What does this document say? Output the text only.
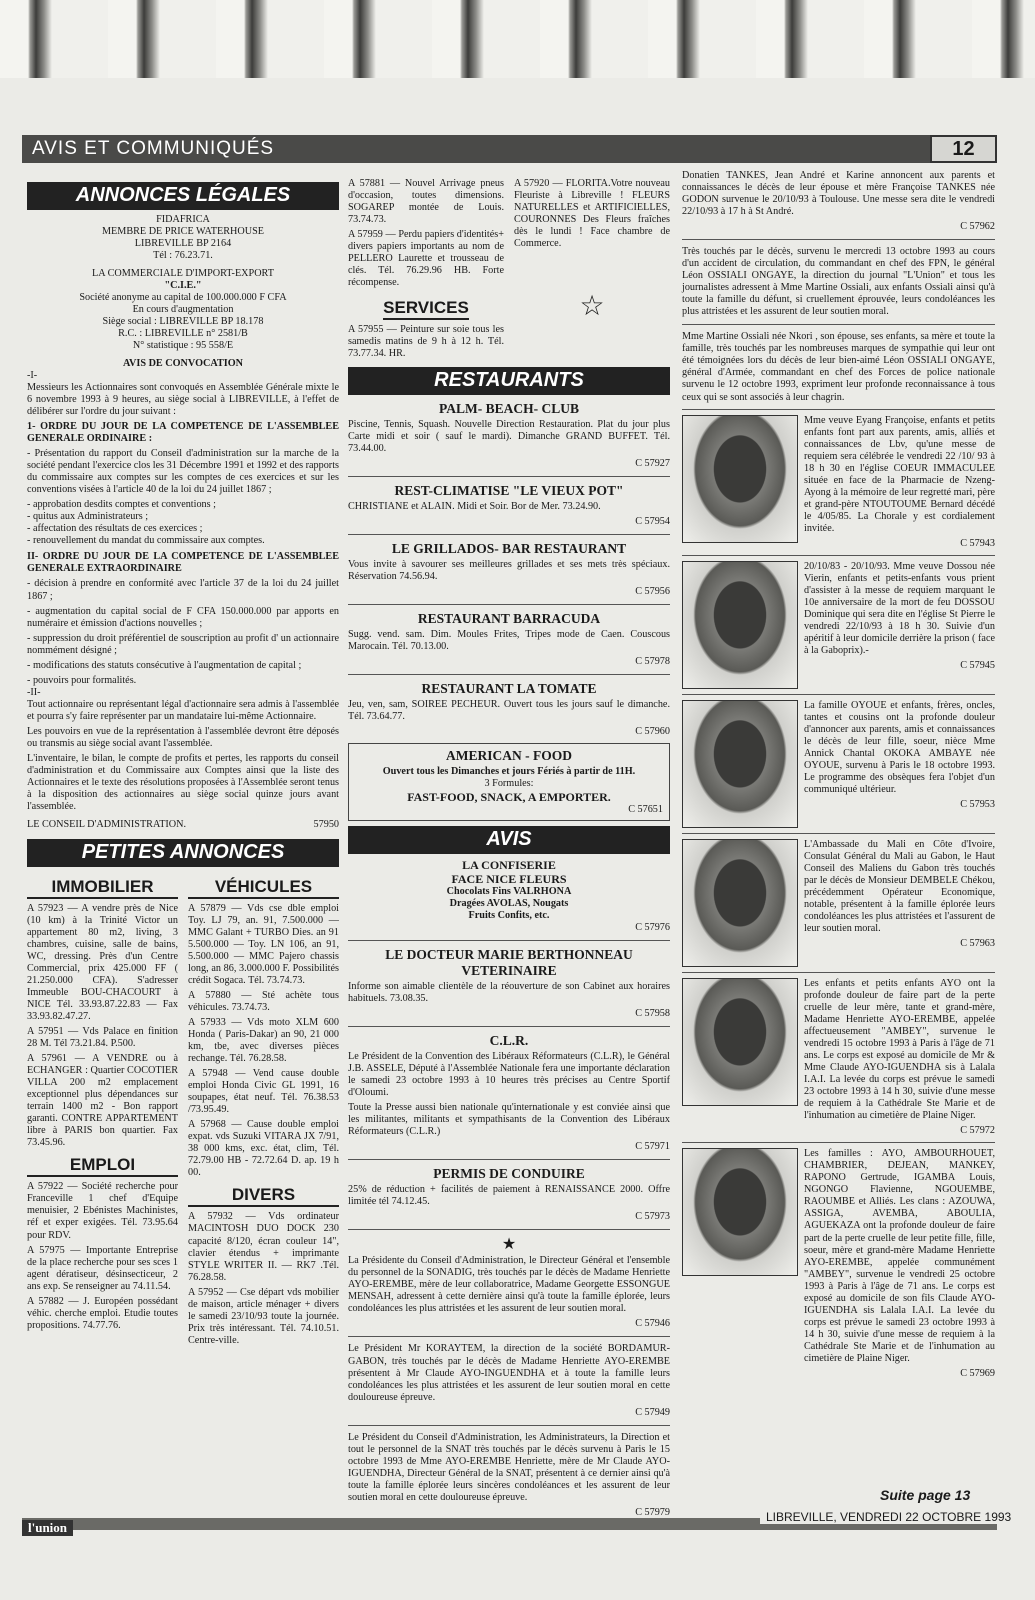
AVIS ET COMMUNIQUÉS	12
ANNONCES LÉGALES
FIDAFRICA
MEMBRE DE PRICE WATERHOUSE
LIBREVILLE BP 2164
Tél : 76.23.71.
LA COMMERCIALE D'IMPORT-EXPORT
"C.I.E."
Société anonyme au capital de 100.000.000 F CFA
En cours d'augmentation
Siège social : LIBREVILLE BP 18.178
R.C. : LIBREVILLE n° 2581/B
N° statistique : 95 558/E
AVIS DE CONVOCATION
-I-

Messieurs les Actionnaires sont convoqués en Assemblée Générale mixte le 6 novembre 1993 à 9 heures, au siège social à LIBREVILLE, à l'effet de délibérer sur l'ordre du jour suivant :

1- ORDRE DU JOUR DE LA COMPETENCE DE L'ASSEMBLEE GENERALE ORDINAIRE :

- Présentation du rapport du Conseil d'administration sur la marche de la société pendant l'exercice clos les 31 Décembre 1991 et 1992 et des rapports du commissaire aux comptes sur les comptes de ces exercices et sur les conventions visées à l'article 40 de la loi du 24 juillet 1867 ;

- approbation desdits comptes et conventions ;
- quitus aux Administrateurs ;
- affectation des résultats de ces exercices ;
- renouvellement du mandat du commissaire aux comptes.

II- ORDRE DU JOUR DE LA COMPETENCE DE L'ASSEMBLEE GENERALE EXTRAORDINAIRE

- décision à prendre en conformité avec l'article 37 de la loi du 24 juillet 1867 ;

- augmentation du capital social de F CFA 150.000.000 par apports en numéraire et émission d'actions nouvelles ;

- suppression du droit préférentiel de souscription au profit d' un actionnaire nommément désigné ;

- modifications des statuts consécutive à l'augmentation de capital ;

- pouvoirs pour formalités.
-II-

Tout actionnaire ou représentant légal d'actionnaire sera admis à l'assemblée et pourra s'y faire représenter par un mandataire lui-même Actionnaire.

Les pouvoirs en vue de la représentation à l'assemblée devront être déposés ou transmis au siège social avant l'assemblée.

L'inventaire, le bilan, le compte de profits et pertes, les rapports du conseil d'administration et du Commissaire aux Comptes ainsi que la liste des Actionnaires et le texte des résolutions proposées à l'Assemblée seront tenus à la disposition des actionnaires au siège social quinze jours avant l'assemblée.

LE CONSEIL D'ADMINISTRATION.	57950
PETITES ANNONCES
IMMOBILIER

A 57923 — A vendre près de Nice (10 km) à la Trinité Victor un appartement 80 m2, living, 3 chambres, cuisine, salle de bains, WC, dressing. Près d'un Centre Commercial, prix 425.000 FF ( 21.250.000 CFA). S'adresser Immeuble BOU-CHACOURT à NICE Tél. 33.93.87.22.83 — Fax 33.93.82.47.27.

A 57951 — Vds Palace en finition 28 M. Tél 73.21.84. P.500.

A 57961 — A VENDRE ou à ECHANGER : Quartier COCOTIER VILLA 200 m2 emplacement exceptionnel plus dépendances sur terrain 1400 m2 - Bon rapport garanti. CONTRE APPARTEMENT libre à PARIS bon quartier. Fax 73.45.96.

EMPLOI

A 57922 — Société recherche pour Franceville 1 chef d'Equipe menuisier, 2 Ebénistes Machinistes, réf et exper exigées. Tél. 73.95.64 pour RDV.

A 57975 — Importante Entreprise de la place recherche pour ses sces 1 agent dératiseur, désinsecticeur, 2 ans exp. Se renseigner au 74.11.54.

A 57882 — J. Européen possédant véhic. cherche emploi. Etudie toutes propositions. 74.77.76.

VÉHICULES

A 57879 — Vds cse dble emploi Toy. LJ 79, an. 91, 7.500.000 — MMC Galant + TURBO Dies. an 91 5.500.000 — Toy. LN 106, an 91, 5.500.000 — MMC Pajero chassis long, an 86, 3.000.000 F. Possibilités crédit Sogaca. Tél. 73.74.73.

A 57880 — Sté achète tous véhicules. 73.74.73.

A 57933 — Vds moto XLM 600 Honda ( Paris-Dakar) an 90, 21 000 km, tbe, avec diverses pièces rechange. Tél. 76.28.58.

A 57948 — Vend cause double emploi Honda Civic GL 1991, 16 soupapes, état neuf. Tél. 76.38.53 /73.95.49.

A 57968 — Cause double emploi expat. vds Suzuki VITARA JX 7/91, 38 000 kms, exc. état, clim, Tél. 72.79.00 HB - 72.72.64 D. ap. 19 h 00.

DIVERS

A 57932 — Vds ordinateur MACINTOSH DUO DOCK 230 capacité 8/120, écran couleur 14", clavier étendus + imprimante STYLE WRITER II. — RK7 .Tél. 76.28.58.

A 57952 — Cse départ vds mobilier de maison, article ménager + divers le samedi 23/10/93 toute la journée. Prix très intéressant. Tél. 74.10.51. Centre-ville.

A 57881 — Nouvel Arrivage pneus d'occasion, toutes dimensions. SOGAREP montée de Louis. 73.74.73.

A 57959 — Perdu papiers d'identités+ divers papiers importants au nom de PELLERO Laurette et trousseau de clés. Tél. 76.29.96 HB. Forte récompense.

SERVICES

A 57955 — Peinture sur soie tous les samedis matins de 9 h à 12 h. Tél. 73.77.34. HR.

A 57920 — FLORITA.Votre nouveau Fleuriste à Libreville ! FLEURS NATURELLES et ARTIFICIELLES, COURONNES Des Fleurs fraîches dès le lundi ! Face chambre de Commerce.

☆
RESTAURANTS
PALM- BEACH- CLUB

Piscine, Tennis, Squash. Nouvelle Direction Restauration. Plat du jour plus Carte midi et soir ( sauf le mardi). Dimanche GRAND BUFFET. Tél. 73.44.00.

C 57927
REST-CLIMATISE "LE VIEUX POT"

CHRISTIANE et ALAIN. Midi et Soir. Bor de Mer. 73.24.90.

C 57954
LE GRILLADOS- BAR RESTAURANT

Vous invite à savourer ses meilleures grillades et ses mets très spéciaux. Réservation 74.56.94.

C 57956
RESTAURANT BARRACUDA

Sugg. vend. sam. Dim. Moules Frites, Tripes mode de Caen. Couscous Marocain. Tél. 70.13.00.

C 57978
RESTAURANT LA TOMATE

Jeu, ven, sam, SOIREE PECHEUR. Ouvert tous les jours sauf le dimanche. Tél. 73.64.77.

C 57960
AMERICAN - FOOD
Ouvert tous les Dimanches et jours Fériés à partir de 11H.
3 Formules:
FAST-FOOD, SNACK, A EMPORTER.
C 57651
AVIS
LA CONFISERIE
FACE NICE FLEURS
Chocolats Fins VALRHONA
Dragées AVOLAS, Nougats
Fruits Confits, etc.
C 57976
LE DOCTEUR MARIE BERTHONNEAU VETERINAIRE

Informe son aimable clientèle de la réouverture de son Cabinet aux horaires habituels. 73.08.35.

C 57958
C.L.R.

Le Président de la Convention des Libéraux Réformateurs (C.L.R), le Général J.B. ASSELE, Député à l'Assemblée Nationale fera une importante déclaration le samedi 23 octobre 1993 à 10 heures très précises au Centre Sportif d'Oloumi.

Toute la Presse aussi bien nationale qu'internationale y est conviée ainsi que les militantes, militants et sympathisants de la Convention des Libéraux Réformateurs (C.L.R.)

C 57971
PERMIS DE CONDUIRE

25% de réduction + facilités de paiement à RENAISSANCE 2000. Offre limitée tél 74.12.45.

C 57973
★

La Présidente du Conseil d'Administration, le Directeur Général et l'ensemble du personnel de la SONADIG, très touchés par le décès de Madame Henriette AYO-EREMBE, mère de leur collaboratrice, Madame Georgette ESSONGUE MENSAH, adressent à cette dernière ainsi qu'à toute la famille éplorée, leurs condoléances les plus attristées et les assurent de leur soutien moral.

C 57946

Le Président Mr KORAYTEM, la direction de la société BORDAMUR-GABON, très touchés par le décès de Madame Henriette AYO-EREMBE présentent à Mr Claude AYO-INGUENDHA et à toute la famille leurs condoléances les plus attristées et les assurent de leur soutien moral en cette douloureuse épreuve.

C 57949

Le Président du Conseil d'Administration, les Administrateurs, la Direction et tout le personnel de la SNAT très touchés par le décès survenu à Paris le 15 octobre 1993 de Mme AYO-EREMBE Henriette, mère de Mr Claude AYO- IGUENDHA, Directeur Général de la SNAT, présentent à ce dernier ainsi qu'à toute la famille éplorée leurs sincères condoléances et les assurent de leur soutien moral en cette douloureuse épreuve.

C 57979

Donatien TANKES, Jean André et Karine annoncent aux parents et connaissances le décès de leur épouse et mère Françoise TANKES née GODON survenue le 20/10/93 à Toulouse. Une messe sera dite le vendredi 22/10/93 à 17 h à St André.

C 57962

Très touchés par le décès, survenu le mercredi 13 octobre 1993 au cours d'un accident de circulation, du commandant en chef des FPN, le général Léon OSSIALI ONGAYE, la direction du journal "L'Union" et tous les journalistes adressent à Mme Martine Ossiali, aux enfants Ossiali ainsi qu'à toute la famille du défunt, si cruellement éprouvée, leurs condoléances les plus attristées et les assurent de leur soutien moral.

Mme Martine Ossiali née Nkori , son épouse, ses enfants, sa mère et toute la famille, très touchés par les nombreuses marques de sympathie qui leur ont été témoignées lors du décès de leur bien-aimé Léon OSSIALI ONGAYE, général d'Armée, commandant en chef des Forces de police nationale survenu le 12 octobre 1993, expriment leur profonde reconnaissance à tous ceux qui se sont associés à leur chagrin.

Mme veuve Eyang Françoise, enfants et petits enfants font part aux parents, amis, alliés et connaissances de Lbv, qu'une messe de requiem sera célébrée le vendredi 22 /10/ 93 à 18 h 30 en l'église COEUR IMMACULEE située en face de la Pharmacie de Nzeng- Ayong à la mémoire de leur regretté mari, père et grand-père NTOUTOUME Bernard décédé le 4/05/85. La Chorale y est cordialement invitée.

C 57943

20/10/83 - 20/10/93. Mme veuve Dossou née Vierin, enfants et petits-enfants vous prient d'assister à la messe de requiem marquant le 10e anniversaire de la mort de feu DOSSOU Dominique qui sera dite en l'église St Pierre le vendredi 22/10/93 à 18 h 30. Suivie d'un apéritif à leur domicile derrière la prison ( face à la Gaboprix).-

C 57945

La famille OYOUE et enfants, frères, oncles, tantes et cousins ont la profonde douleur d'annoncer aux parents, amis et connaissances le décès de leur fille, soeur, nièce Mme Annick Chantal OKOKA AMBAYE née OYOUE, survenu à Paris le 18 octobre 1993. Le programme des obsèques fera l'objet d'un communiqué ultérieur.

C 57953

L'Ambassade du Mali en Côte d'Ivoire, Consulat Général du Mali au Gabon, le Haut Conseil des Maliens du Gabon très touchés par le décès de Monsieur DEMBELE Chékou, précédemment Opérateur Economique, notable, présentent à la famille éplorée leurs condoléances les plus attristées et l'assurent de leur soutien moral.

C 57963

Les enfants et petits enfants AYO ont la profonde douleur de faire part de la perte cruelle de leur mère, tante et grand-mère, Madame Henriette AYO-EREMBE, appelée affectueusement "AMBEY", survenue le vendredi 15 octobre 1993 à Paris à l'âge de 71 ans. Le corps est exposé au domicile de Mr & Mme Claude AYO-IGUENDHA sis à Lalala I.A.I. La levée du corps est prévue le samedi 23 octobre 1993 à 14 h 30, suivie d'une messe de requiem à la Cathédrale Ste Marie et de l'inhumation au cimetière de Plaine Niger.

C 57972

Les familles : AYO, AMBOURHOUET, CHAMBRIER, DEJEAN, MANKEY, RAPONO Gertrude, IGAMBA Louis, NGONGO Flavienne, NGOUEMBE, RAOUMBE et Alliés. Les clans : AZOUWA, ASSIGA, AVEMBA, ABOULIA, AGUEKAZA ont la profonde douleur de faire part de la perte cruelle de leur petite fille, fille, soeur, mère et grand-mère Madame Henriette AYO-EREMBE, appelée communément "AMBEY", survenue le vendredi 25 octobre 1993 à Paris à l'âge de 71 ans. Le corps est exposé au domicile de son fils Claude AYO-IGUENDHA sis Lalala I.A.I. La levée du corps est prévue le samedi 23 octobre 1993 à 14 h 30, suivie d'une messe de requiem à la Cathédrale Ste Marie et de l'inhumation au cimetière de Plaine Niger.

C 57969
Suite page 13
l'union
LIBREVILLE, VENDREDI 22 OCTOBRE 1993
